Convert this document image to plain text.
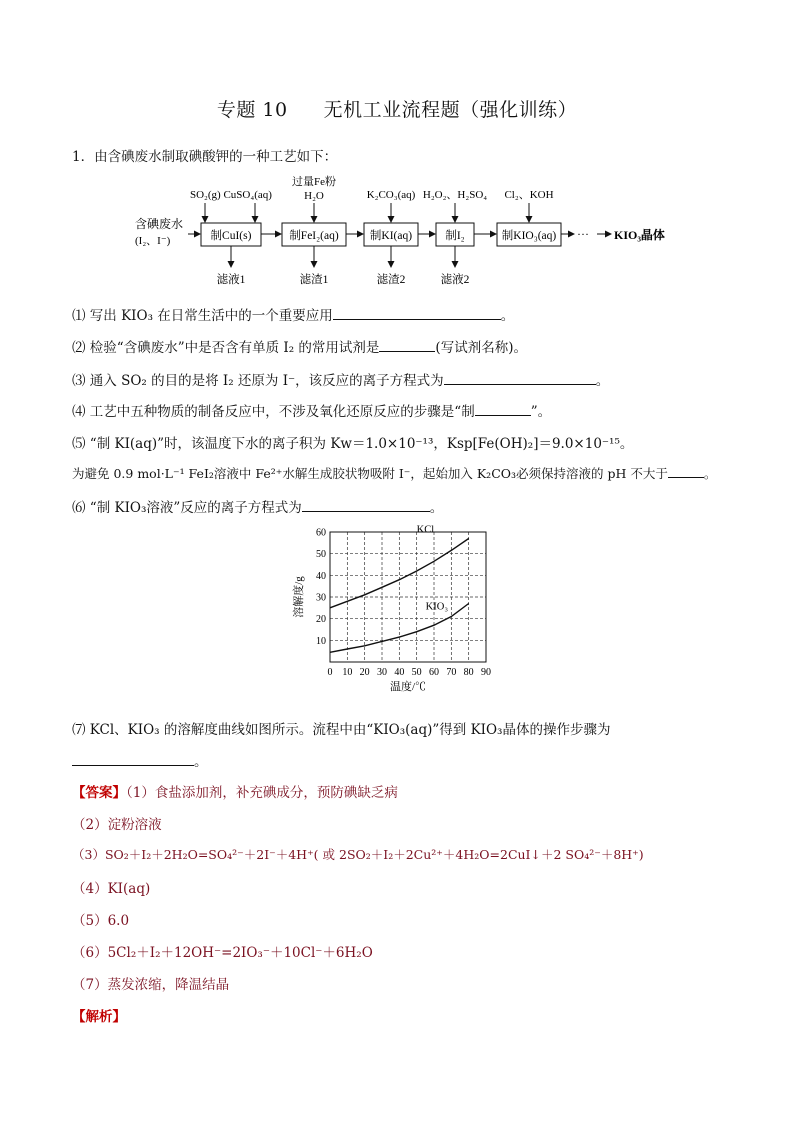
专题 10 无机工业流程题（强化训练）
1．由含碘废水制取碘酸钾的一种工艺如下：
含碘废水
(I₂、I⁻)	制CuI(s)	制FeI₂(aq)	制KI(aq)	制I₂	制KIO₃(aq) ··· KIO₃晶体
SO₂(g) CuSO₄(aq)
过量Fe粉
H₂O	K₂CO₃(aq) H₂O₂、H₂SO₄ Cl₂、KOH
滤液1	滤渣1	滤渣2	滤液2
⑴ 写出 KIO₃ 在日常生活中的一个重要应用	。
⑵ 检验“含碘废水”中是否含有单质 I₂ 的常用试剂是	(写试剂名称)。
⑶ 通入 SO₂ 的目的是将 I₂ 还原为 I⁻，该反应的离子方程式为	。
⑷ 工艺中五种物质的制备反应中，不涉及氧化还原反应的步骤是“制	”。
⑸ “制 KI(aq)”时，该温度下水的离子积为 Kw＝1.0×10⁻¹³，Ksp[Fe(OH)₂]＝9.0×10⁻¹⁵。
为避免 0.9 mol·L⁻¹ FeI₂溶液中 Fe²⁺水解生成胶状物吸附 I⁻，起始加入 K₂CO₃必须保持溶液的 pH 不大于	。
⑹ “制 KIO₃溶液”反应的离子方程式为	。
0 10 20 30 40 50 60 70 80 90
10
20
30
40
50
60	KCl
KIO₃
温度/℃
溶解度/g
⑺ KCl、KIO₃ 的溶解度曲线如图所示。流程中由“KIO₃(aq)”得到 KIO₃晶体的操作步骤为
。
【答案】（1）食盐添加剂，补充碘成分，预防碘缺乏病
（2）淀粉溶液
（3）SO₂＋I₂＋2H₂O=SO₄²⁻＋2I⁻＋4H⁺( 或 2SO₂＋I₂＋2Cu²⁺＋4H₂O=2CuI↓＋2 SO₄²⁻＋8H⁺)
（4）KI(aq)
（5）6.0
（6）5Cl₂＋I₂＋12OH⁻=2IO₃⁻＋10Cl⁻＋6H₂O
（7）蒸发浓缩，降温结晶
【解析】
